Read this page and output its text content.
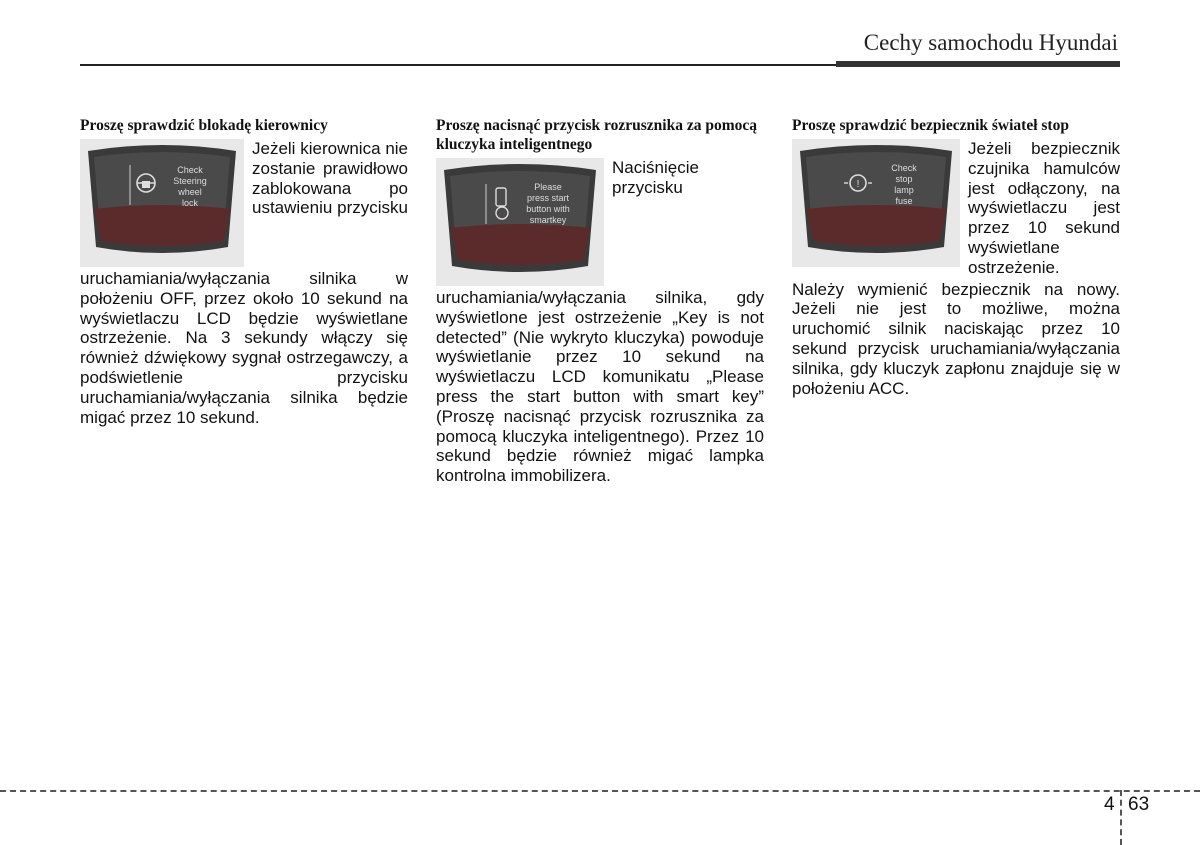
Cechy samochodu Hyundai
Proszę sprawdzić blokadę kierownicy
Check
Steering
wheel
lock

Jeżeli kierownica nie zostanie prawidłowo zablokowana po ustawieniu przycisku uruchamiania/wyłączania silnika w położeniu OFF, przez około 10 sekund na wyświetlaczu LCD będzie wyświetlane ostrzeżenie. Na 3 sekundy włączy się również dźwiękowy sygnał ostrzegawczy, a podświetlenie przycisku uruchamiania/wyłączania silnika będzie migać przez 10 sekund.

Proszę nacisnąć przycisk rozrusznika za pomocą kluczyka inteligentnego
Please
press start
button with
smartkey

Naciśnięcie przycisku uruchamiania/wyłączania silnika, gdy wyświetlone jest ostrzeżenie „Key is not detected” (Nie wykryto kluczyka) powoduje wyświetlanie przez 10 sekund na wyświetlaczu LCD komunikatu „Please press the start button with smart key” (Proszę nacisnąć przycisk rozrusznika za pomocą kluczyka inteligentnego). Przez 10 sekund będzie również migać lampka kontrolna immobilizera.

Proszę sprawdzić bezpiecznik świateł stop
!
Check
stop
lamp
fuse

Jeżeli bezpiecznik czujnika hamulców jest odłączony, na wyświetlaczu jest przez 10 sekund wyświetlane ostrzeżenie.

Należy wymienić bezpiecznik na nowy. Jeżeli nie jest to możliwe, można uruchomić silnik naciskając przez 10 sekund przycisk uruchamiania/wyłączania silnika, gdy kluczyk zapłonu znajduje się w położeniu ACC.

4 63
